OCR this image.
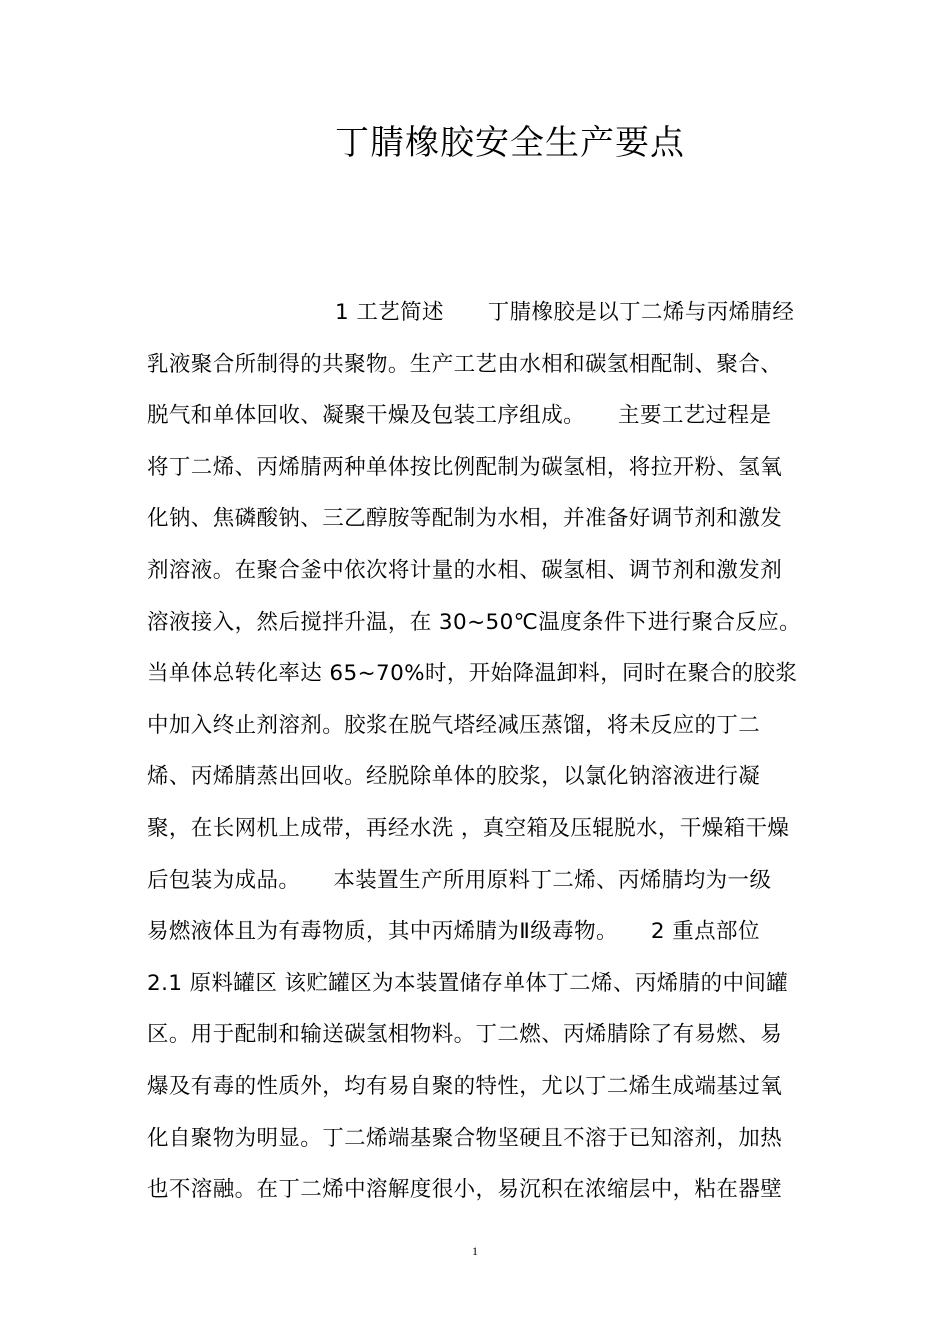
丁腈橡胶安全生产要点
1 工艺简述　　丁腈橡胶是以丁二烯与丙烯腈经
乳液聚合所制得的共聚物。生产工艺由水相和碳氢相配制、聚合、
脱气和单体回收、凝聚干燥及包装工序组成。　　主要工艺过程是
将丁二烯、丙烯腈两种单体按比例配制为碳氢相，将拉开粉、氢氧
化钠、焦磷酸钠、三乙醇胺等配制为水相，并准备好调节剂和激发
剂溶液。在聚合釜中依次将计量的水相、碳氢相、调节剂和激发剂
溶液接入，然后搅拌升温，在 30~50℃温度条件下进行聚合反应。
当单体总转化率达 65~70%时，开始降温卸料，同时在聚合的胶浆
中加入终止剂溶剂。胶浆在脱气塔经减压蒸馏，将未反应的丁二
烯、丙烯腈蒸出回收。经脱除单体的胶浆，以氯化钠溶液进行凝
聚，在长网机上成带，再经水洗 ，真空箱及压辊脱水，干燥箱干燥
后包装为成品。　　本装置生产所用原料丁二烯、丙烯腈均为一级
易燃液体且为有毒物质，其中丙烯腈为Ⅱ级毒物。　　2 重点部位
2.1 原料罐区 该贮罐区为本装置储存单体丁二烯、丙烯腈的中间罐
区。用于配制和输送碳氢相物料。丁二燃、丙烯腈除了有易燃、易
爆及有毒的性质外，均有易自聚的特性，尤以丁二烯生成端基过氧
化自聚物为明显。丁二烯端基聚合物坚硬且不溶于已知溶剂，加热
也不溶融。在丁二烯中溶解度很小，易沉积在浓缩层中，粘在器壁
1
